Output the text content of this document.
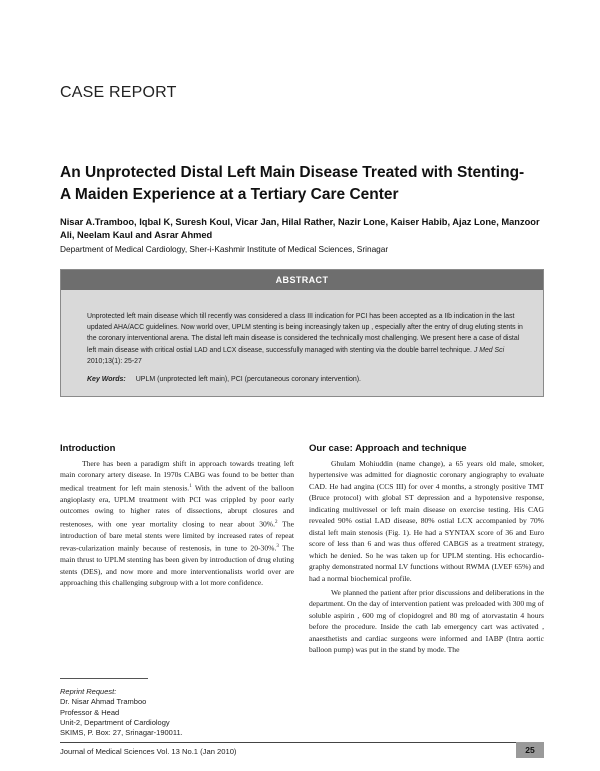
CASE REPORT
An Unprotected Distal Left Main Disease Treated with Stenting-
A Maiden Experience at a Tertiary Care Center
Nisar A.Tramboo, Iqbal K, Suresh Koul, Vicar Jan, Hilal Rather, Nazir Lone, Kaiser Habib, Ajaz Lone, Manzoor
Ali, Neelam Kaul and Asrar Ahmed
Department of Medical Cardiology, Sher-i-Kashmir Institute of Medical Sciences, Srinagar
ABSTRACT
Unprotected left main disease which till recently was considered a class III indication for PCI has been accepted as a IIb indication in the last updated AHA/ACC guidelines. Now world over, UPLM stenting is being increasingly taken up , especially after the entry of drug eluting stents in the coronary interventional arena. The distal left main disease is considered the technically most challenging. We present here a case of distal left main disease with critical ostial LAD and LCX disease, successfully managed with stenting via the double barrel technique. J Med Sci 2010;13(1): 25-27
Key Words: UPLM (unprotected left main), PCI (percutaneous coronary intervention).
Introduction

There has been a paradigm shift in approach towards treating left main coronary artery disease. In 1970s CABG was found to be better than medical treatment for left main stenosis.$^1$ With the advent of the balloon angioplasty era, UPLM treatment with PCI was crippled by poor early outcomes owing to higher rates of dissections, abrupt closures and restenoses, with one year mortality closing to near about 30%.$^2$ The introduction of bare metal stents were limited by increased rates of repeat revas-cularization mainly because of restenosis, in tune to 20-30%.$^3$ The main thrust to UPLM stenting has been given by introduction of drug eluting stents (DES), and now more and more interventionalists world over are approaching this challenging subgroup with a lot more confidence.

Reprint Request:
Dr. Nisar Ahmad Tramboo
Professor & Head
Unit-2, Department of Cardiology
SKIMS, P. Box: 27, Srinagar-190011.
Our case: Approach and technique

Ghulam Mohiuddin (name change), a 65 years old male, smoker, hypertensive was admitted for diagnostic coronary angiography to evaluate CAD. He had angina (CCS III) for over 4 months, a strongly positive TMT (Bruce protocol) with global ST depression and a hypotensive response, indicating multivessel or left main disease on exercise testing. His CAG revealed 90% ostial LAD disease, 80% ostial LCX accompanied by 70% distal left main stenosis (Fig. 1). He had a SYNTAX score of 36 and Euro score of less than 6 and was thus offered CABGS as a treatment strategy, which he denied. So he was taken up for UPLM stenting. His echocardio-graphy demonstrated normal LV functions without RWMA (LVEF 65%) and had a normal biochemical profile.

We planned the patient after prior discussions and deliberations in the department. On the day of intervention patient was preloaded with 300 mg of soluble aspirin , 600 mg of clopidogrel and 80 mg of atorvastatin 4 hours before the procedure. Inside the cath lab emergency cart was activated , anaesthetists and cardiac surgeons were informed and IABP (Intra aortic balloon pump) was put in the stand by mode. The

Journal of Medical Sciences Vol. 13 No.1 (Jan 2010)	25
